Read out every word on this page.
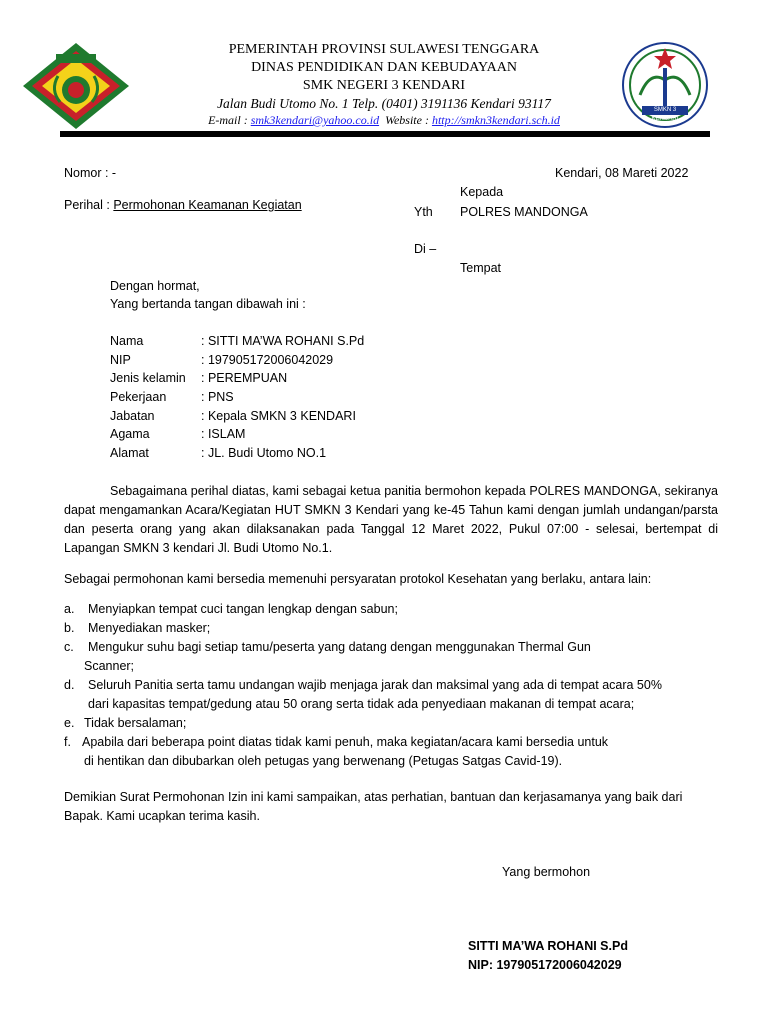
SMKN 3 KENDARI
PEMERINTAH PROVINSI SULAWESI TENGGARA
DINAS PENDIDIKAN DAN KEBUDAYAAN
SMK NEGERI 3 KENDARI
Jalan Budi Utomo No. 1 Telp. (0401) 3191136 Kendari 93117
E-mail : smk3kendari@yahoo.co.id Website : http://smkn3kendari.sch.id
Nomor : -	Kendari, 08 Mareti 2022
Kepada
Perihal : Permohonan Keamanan Kegiatan	Yth POLRES MANDONGA
Di –
Tempat
Dengan hormat,
Yang bertanda tangan dibawah ini :
Nama	: SITTI MA’WA ROHANI S.Pd
NIP	: 197905172006042029
Jenis kelamin : PEREMPUAN
Pekerjaan	: PNS
Jabatan	: Kepala SMKN 3 KENDARI
Agama	: ISLAM
Alamat	: JL. Budi Utomo NO.1
Sebagaimana perihal diatas, kami sebagai ketua panitia bermohon kepada POLRES MANDONGA, sekiranya dapat mengamankan Acara/Kegiatan HUT SMKN 3 Kendari yang ke-45 Tahun kami dengan jumlah undangan/parsta dan peserta orang yang akan dilaksanakan pada Tanggal 12 Maret 2022, Pukul 07:00 - selesai, bertempat di Lapangan SMKN 3 kendari Jl. Budi Utomo No.1.
Sebagai permohonan kami bersedia memenuhi persyaratan protokol Kesehatan yang berlaku, antara lain:
a. Menyiapkan tempat cuci tangan lengkap dengan sabun;
b. Menyediakan masker;
c. Mengukur suhu bagi setiap tamu/peserta yang datang dengan menggunakan Thermal Gun
Scanner;
d. Seluruh Panitia serta tamu undangan wajib menjaga jarak dan maksimal yang ada di tempat acara 50%
dari kapasitas tempat/gedung atau 50 orang serta tidak ada penyediaan makanan di tempat acara;
e. Tidak bersalaman;
f. Apabila dari beberapa point diatas tidak kami penuh, maka kegiatan/acara kami bersedia untuk
di hentikan dan dibubarkan oleh petugas yang berwenang (Petugas Satgas Cavid-19).
Demikian Surat Permohonan Izin ini kami sampaikan, atas perhatian, bantuan dan kerjasamanya yang baik dari Bapak. Kami ucapkan terima kasih.
Yang bermohon
SITTI MA’WA ROHANI S.Pd
NIP: 197905172006042029
